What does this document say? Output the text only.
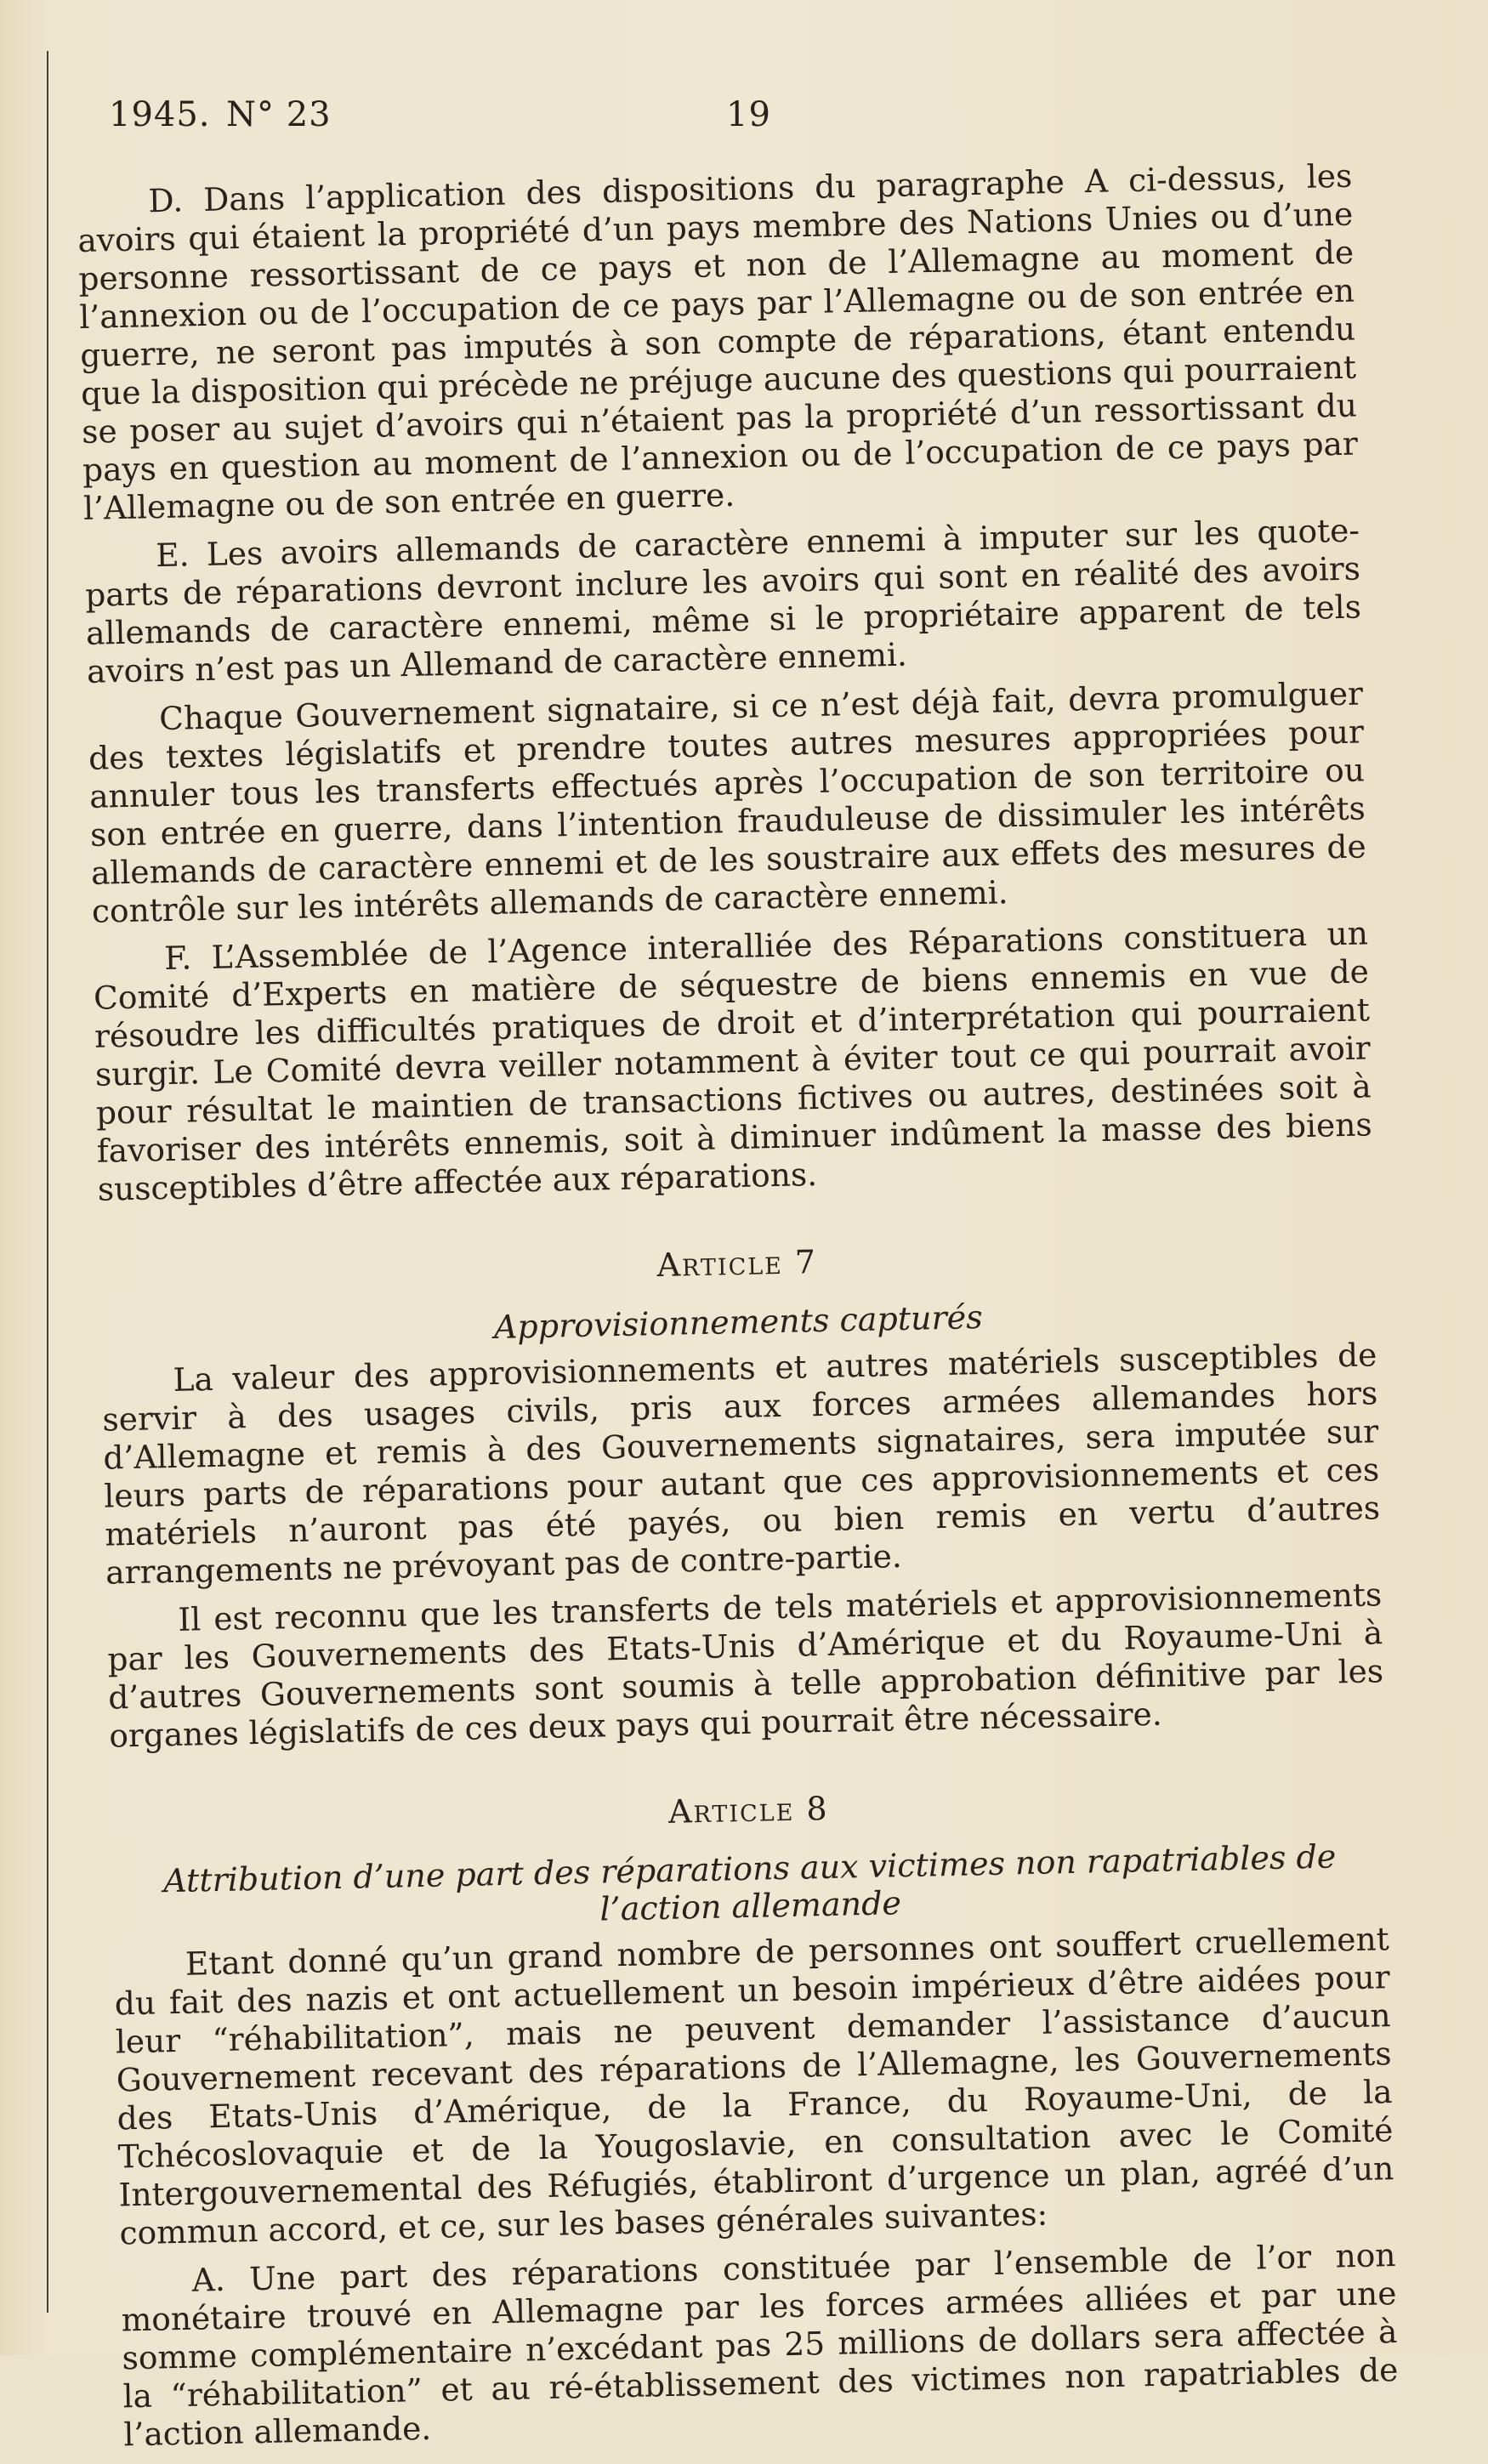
1945. N° 23	19

D. Dans l’application des dispositions du paragraphe A ci-dessus, les avoirs qui étaient la propriété d’un pays membre des Nations Unies ou d’une personne ressortissant de ce pays et non de l’Allemagne au moment de l’annexion ou de l’occupation de ce pays par l’Allemagne ou de son entrée en guerre, ne seront pas imputés à son compte de réparations, étant entendu que la disposition qui précède ne préjuge aucune des questions qui pourraient se poser au sujet d’avoirs qui n’étaient pas la propriété d’un ressortissant du pays en question au moment de l’annexion ou de l’occupation de ce pays par l’Allemagne ou de son entrée en guerre.

E. Les avoirs allemands de caractère ennemi à imputer sur les quote-parts de réparations devront inclure les avoirs qui sont en réalité des avoirs allemands de caractère ennemi, même si le propriétaire apparent de tels avoirs n’est pas un Allemand de caractère ennemi.

Chaque Gouvernement signataire, si ce n’est déjà fait, devra promulguer des textes législatifs et prendre toutes autres mesures appropriées pour annuler tous les transferts effectués après l’occupation de son territoire ou son entrée en guerre, dans l’intention frauduleuse de dissimuler les intérêts allemands de caractère ennemi et de les soustraire aux effets des mesures de contrôle sur les intérêts allemands de caractère ennemi.

F. L’Assemblée de l’Agence interalliée des Réparations constituera un Comité d’Experts en matière de séquestre de biens ennemis en vue de résoudre les difficultés pratiques de droit et d’interprétation qui pourraient surgir. Le Comité devra veiller notamment à éviter tout ce qui pourrait avoir pour résultat le maintien de transactions fictives ou autres, destinées soit à favoriser des intérêts ennemis, soit à diminuer indûment la masse des biens susceptibles d’être affectée aux réparations.

Article 7
Approvisionnements capturés

La valeur des approvisionnements et autres matériels susceptibles de servir à des usages civils, pris aux forces armées allemandes hors d’Allemagne et remis à des Gouvernements signataires, sera imputée sur leurs parts de réparations pour autant que ces approvisionnements et ces matériels n’auront pas été payés, ou bien remis en vertu d’autres arrangements ne prévoyant pas de contre-partie.

Il est reconnu que les transferts de tels matériels et approvisionnements par les Gouvernements des Etats-Unis d’Amérique et du Royaume-Uni à d’autres Gouvernements sont soumis à telle approbation définitive par les organes législatifs de ces deux pays qui pourrait être nécessaire.

Article 8
Attribution d’une part des réparations aux victimes non rapatriables de l’action allemande

Etant donné qu’un grand nombre de personnes ont souffert cruellement du fait des nazis et ont actuellement un besoin impérieux d’être aidées pour leur “réhabilitation”, mais ne peuvent demander l’assistance d’aucun Gouvernement recevant des réparations de l’Allemagne, les Gouvernements des Etats-Unis d’Amérique, de la France, du Royaume-Uni, de la Tchécoslovaquie et de la Yougoslavie, en consultation avec le Comité Intergouvernemental des Réfugiés, établiront d’urgence un plan, agréé d’un commun accord, et ce, sur les bases générales suivantes:

A. Une part des réparations constituée par l’ensemble de l’or non monétaire trouvé en Allemagne par les forces armées alliées et par une somme complémentaire n’excédant pas 25 millions de dollars sera affectée à la “réhabilitation” et au ré-établissement des victimes non rapatriables de l’action allemande.
